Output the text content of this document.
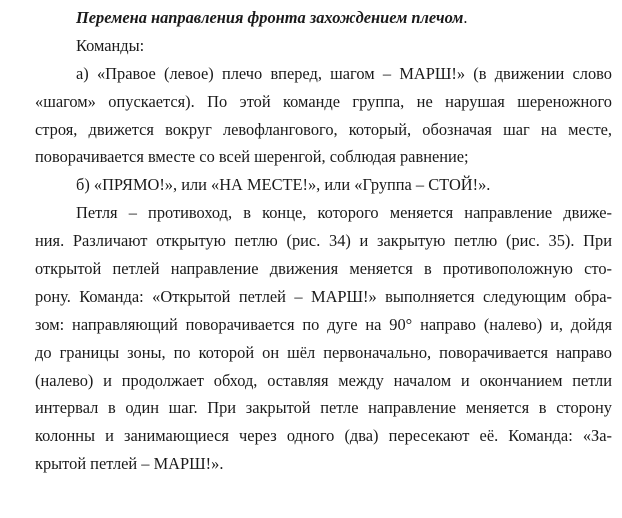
Перемена направления фронта захождением плечом.
Команды:
а) «Правое (левое) плечо вперед, шагом – МАРШ!» (в движении слово
«шагом» опускается). По этой команде группа, не нарушая шереножного
строя, движется вокруг левофлангового, который, обозначая шаг на месте,
поворачивается вместе со всей шеренгой, соблюдая равнение;
б) «ПРЯМО!», или «НА МЕСТЕ!», или «Группа – СТОЙ!».
Петля – противоход, в конце, которого меняется направление движе-
ния. Различают открытую петлю (рис. 34) и закрытую петлю (рис. 35). При
открытой петлей направление движения меняется в противоположную сто-
рону. Команда: «Открытой петлей – МАРШ!» выполняется следующим обра-
зом: направляющий поворачивается по дуге на 90° направо (налево) и, дойдя
до границы зоны, по которой он шёл первоначально, поворачивается направо
(налево) и продолжает обход, оставляя между началом и окончанием петли
интервал в один шаг. При закрытой петле направление меняется в сторону
колонны и занимающиеся через одного (два) пересекают её. Команда: «За-
крытой петлей – МАРШ!».
